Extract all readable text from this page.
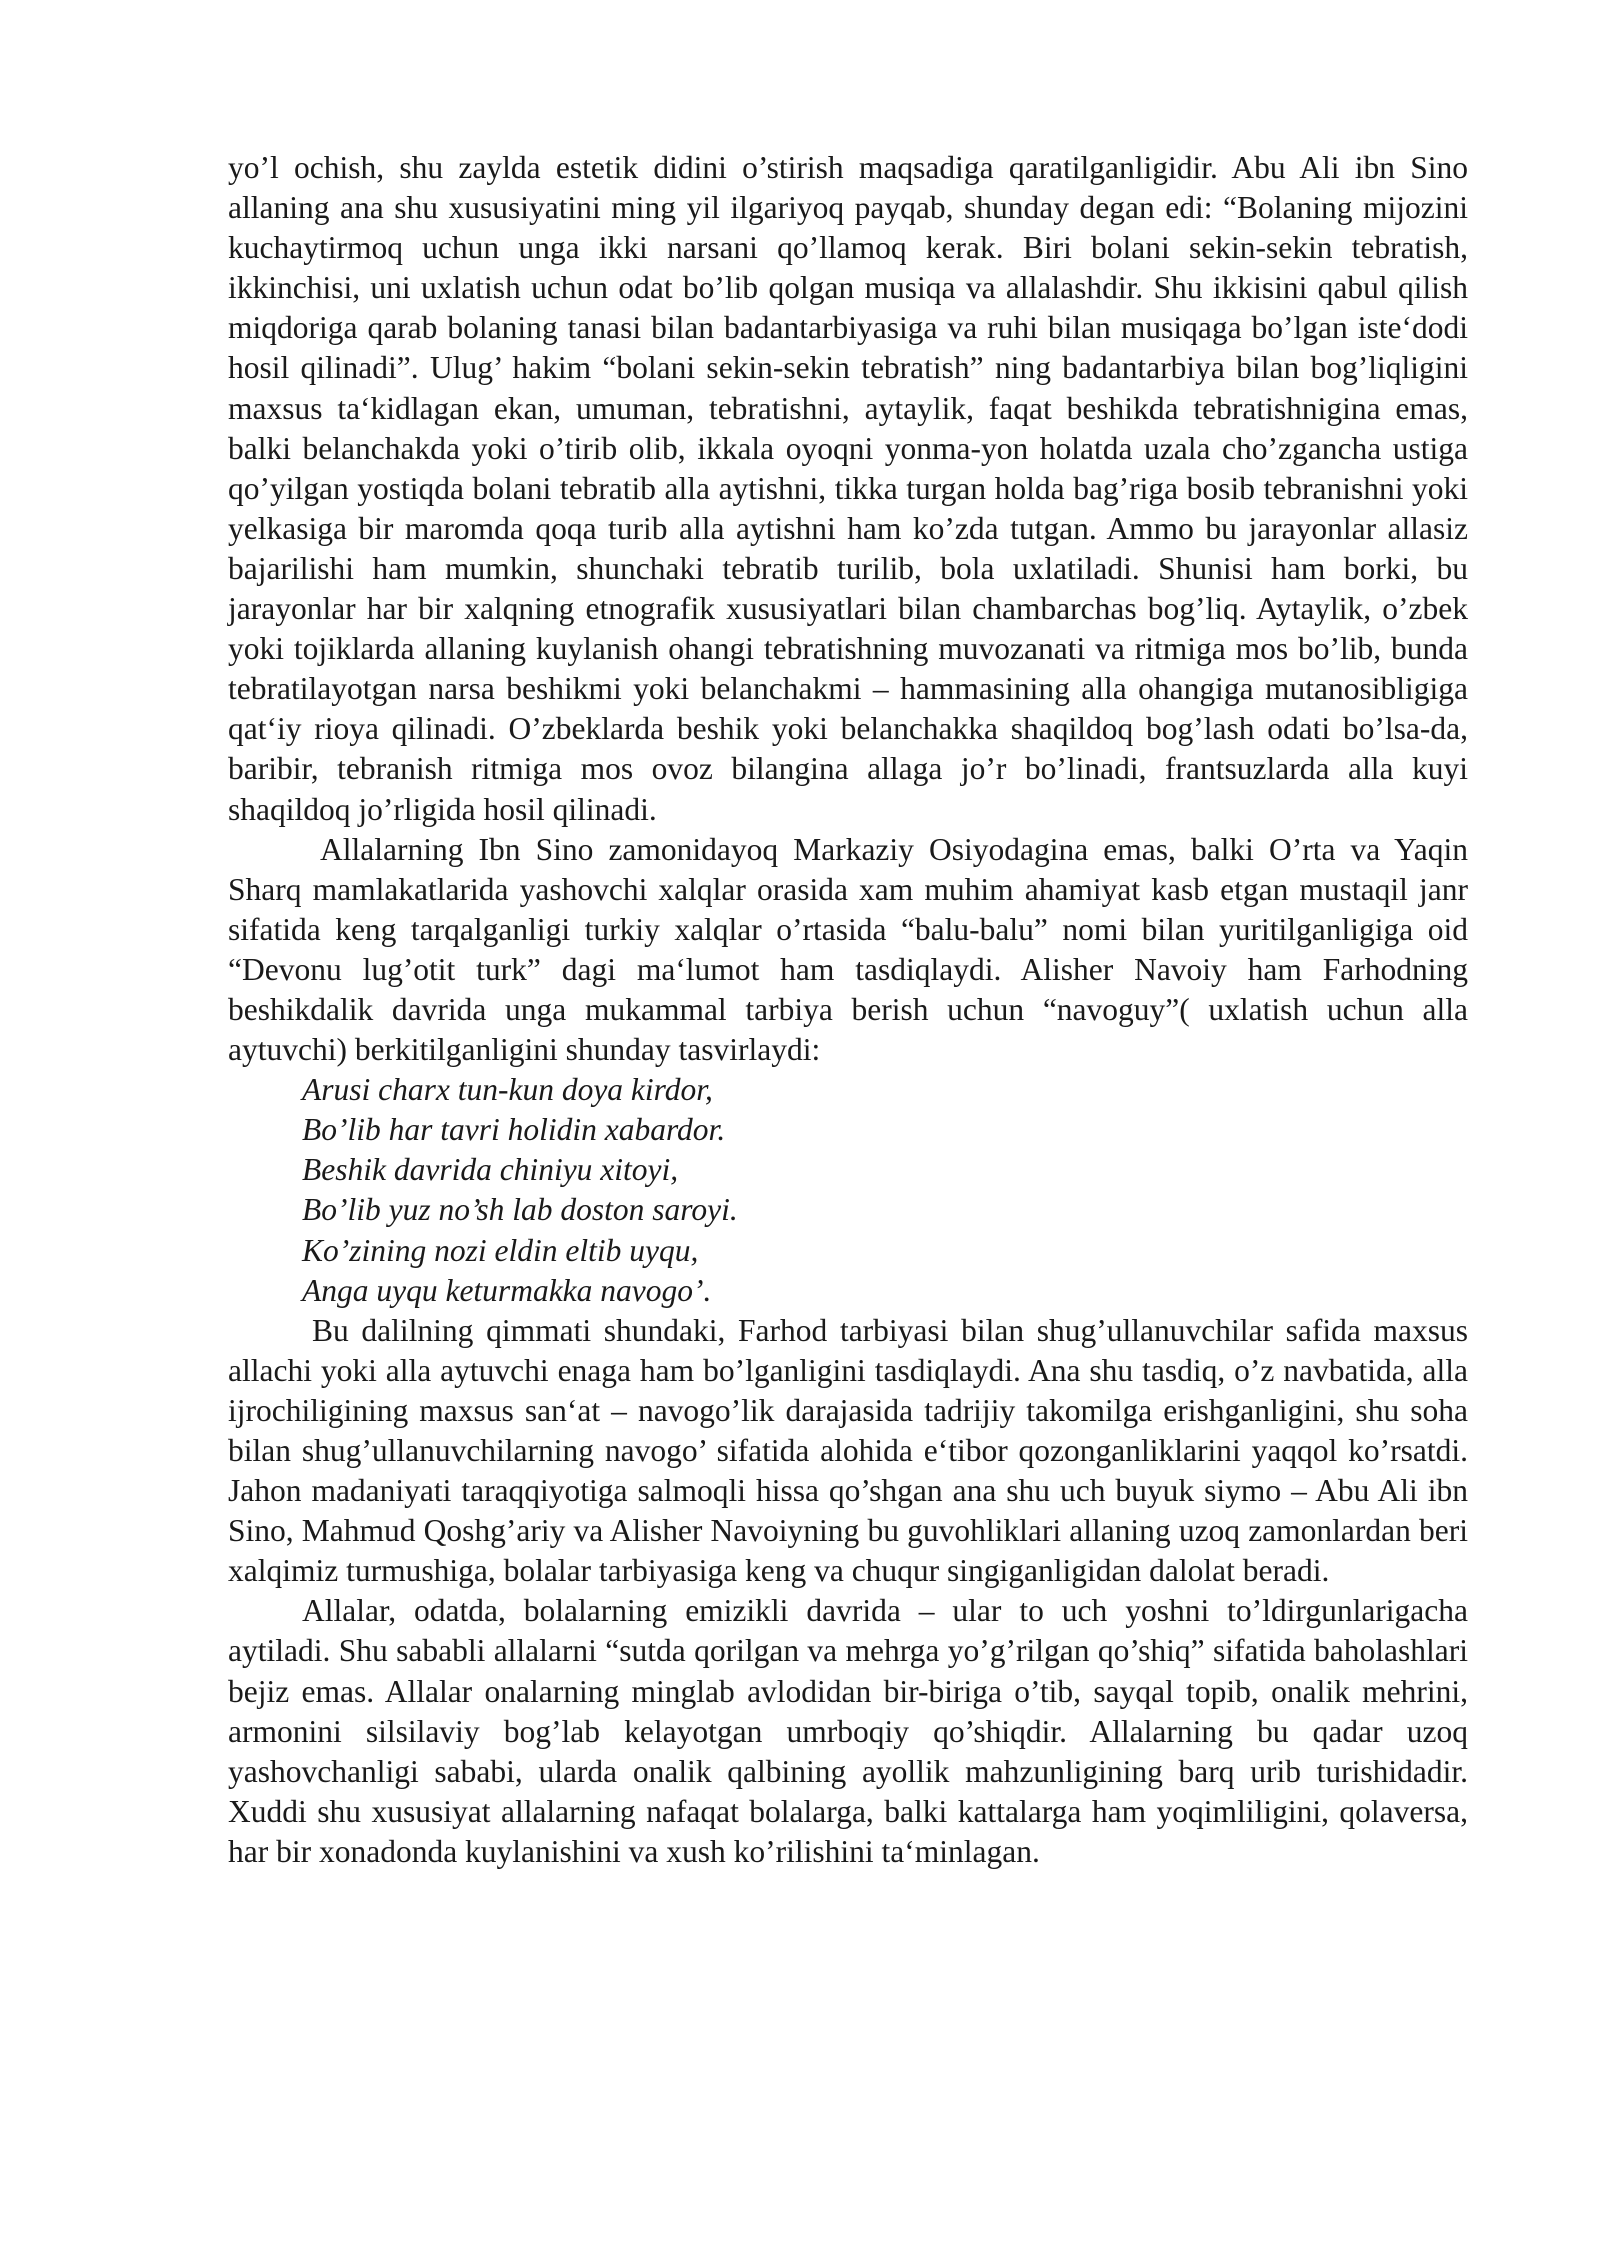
yo’l ochish, shu zaylda estetik didini o’stirish maqsadiga qaratilganligidir. Abu Ali ibn Sino allaning ana shu xususiyatini ming yil ilgariyoq payqab, shunday degan edi: “Bolaning mijozini kuchaytirmoq uchun unga ikki narsani qo’llamoq kerak. Biri bolani sekin-sekin tebratish, ikkinchisi, uni uxlatish uchun odat bo’lib qolgan musiqa va allalashdir. Shu ikkisini qabul qilish miqdoriga qarab bolaning tanasi bilan badantarbiyasiga va ruhi bilan musiqaga bo’lgan iste‘dodi hosil qilinadi”. Ulug’ hakim “bolani sekin-sekin tebratish” ning badantarbiya bilan bog’liqligini maxsus ta‘kidlagan ekan, umuman, tebratishni, aytaylik, faqat beshikda tebratishnigina emas, balki belanchakda yoki o’tirib olib, ikkala oyoqni yonma-yon holatda uzala cho’zgancha ustiga qo’yilgan yostiqda bolani tebratib alla aytishni, tikka turgan holda bag’riga bosib tebranishni yoki yelkasiga bir maromda qoqa turib alla aytishni ham ko’zda tutgan. Ammo bu jarayonlar allasiz bajarilishi ham mumkin, shunchaki tebratib turilib, bola uxlatiladi. Shunisi ham borki, bu jarayonlar har bir xalqning etnografik xususiyatlari bilan chambarchas bog’liq. Aytaylik, o’zbek yoki tojiklarda allaning kuylanish ohangi tebratishning muvozanati va ritmiga mos bo’lib, bunda tebratilayotgan narsa beshikmi yoki belanchakmi – hammasining alla ohangiga mutanosibligiga qat‘iy rioya qilinadi. O’zbeklarda beshik yoki belanchakka shaqildoq bog’lash odati bo’lsa-da, baribir, tebranish ritmiga mos ovoz bilangina allaga jo’r bo’linadi, frantsuzlarda alla kuyi shaqildoq jo’rligida hosil qilinadi.

Allalarning Ibn Sino zamonidayoq Markaziy Osiyodagina emas, balki O’rta va Yaqin Sharq mamlakatlarida yashovchi xalqlar orasida xam muhim ahamiyat kasb etgan mustaqil janr sifatida keng tarqalganligi turkiy xalqlar o’rtasida “balu-balu” nomi bilan yuritilganligiga oid “Devonu lug’otit turk” dagi ma‘lumot ham tasdiqlaydi. Alisher Navoiy ham Farhodning beshikdalik davrida unga mukammal tarbiya berish uchun “navoguy”( uxlatish uchun alla aytuvchi) berkitilganligini shunday tasvirlaydi:

Arusi charx tun-kun doya kirdor,
Bo’lib har tavri holidin xabardor.
Beshik davrida chiniyu xitoyi,
Bo’lib yuz no’sh lab doston saroyi.
Ko’zining nozi eldin eltib uyqu,
Anga uyqu keturmakka navogo’.

Bu dalilning qimmati shundaki, Farhod tarbiyasi bilan shug’ullanuvchilar safida maxsus allachi yoki alla aytuvchi enaga ham bo’lganligini tasdiqlaydi. Ana shu tasdiq, o’z navbatida, alla ijrochiligining maxsus san‘at – navogo’lik darajasida tadrijiy takomilga erishganligini, shu soha bilan shug’ullanuvchilarning navogo’ sifatida alohida e‘tibor qozonganliklarini yaqqol ko’rsatdi. Jahon madaniyati taraqqiyotiga salmoqli hissa qo’shgan ana shu uch buyuk siymo – Abu Ali ibn Sino, Mahmud Qoshg’ariy va Alisher Navoiyning bu guvohliklari allaning uzoq zamonlardan beri xalqimiz turmushiga, bolalar tarbiyasiga keng va chuqur singiganligidan dalolat beradi.

Allalar, odatda, bolalarning emizikli davrida – ular to uch yoshni to’ldirgunlarigacha aytiladi. Shu sababli allalarni “sutda qorilgan va mehrga yo’g’rilgan qo’shiq” sifatida baholashlari bejiz emas. Allalar onalarning minglab avlodidan bir-biriga o’tib, sayqal topib, onalik mehrini, armonini silsilaviy bog’lab kelayotgan umrboqiy qo’shiqdir. Allalarning bu qadar uzoq yashovchanligi sababi, ularda onalik qalbining ayollik mahzunligining barq urib turishidadir. Xuddi shu xususiyat allalarning nafaqat bolalarga, balki kattalarga ham yoqimliligini, qolaversa, har bir xonadonda kuylanishini va xush ko’rilishini ta‘minlagan.
